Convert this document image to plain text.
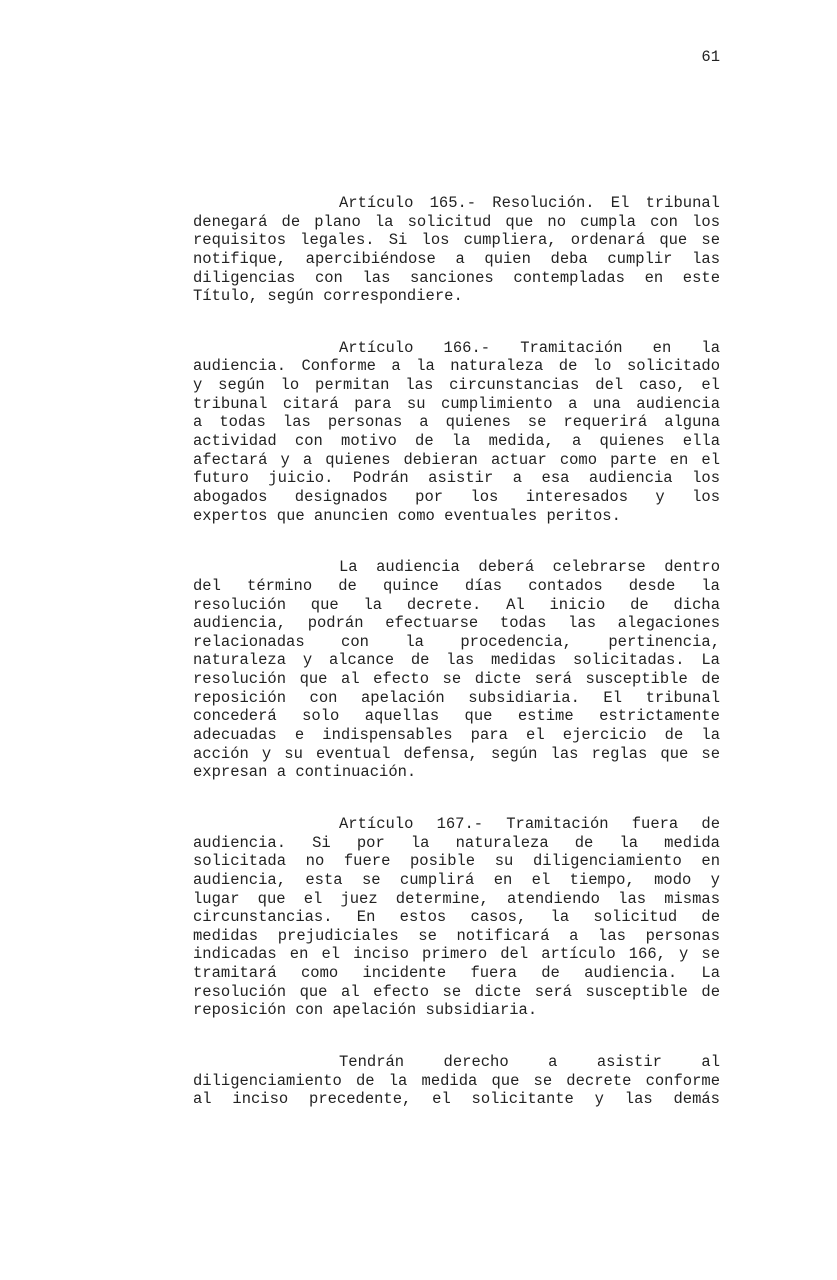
61
Artículo 165.- Resolución. El tribunal
denegará de plano la solicitud que no cumpla con los
requisitos legales. Si los cumpliera, ordenará que se
notifique, apercibiéndose a quien deba cumplir las
diligencias con las sanciones contempladas en este
Título, según correspondiere.
Artículo 166.- Tramitación en la
audiencia. Conforme a la naturaleza de lo solicitado
y según lo permitan las circunstancias del caso, el
tribunal citará para su cumplimiento a una audiencia
a todas las personas a quienes se requerirá alguna
actividad con motivo de la medida, a quienes ella
afectará y a quienes debieran actuar como parte en el
futuro juicio. Podrán asistir a esa audiencia los
abogados designados por los interesados y los
expertos que anuncien como eventuales peritos.
La audiencia deberá celebrarse dentro
del término de quince días contados desde la
resolución que la decrete. Al inicio de dicha
audiencia, podrán efectuarse todas las alegaciones
relacionadas con la procedencia, pertinencia,
naturaleza y alcance de las medidas solicitadas. La
resolución que al efecto se dicte será susceptible de
reposición con apelación subsidiaria. El tribunal
concederá solo aquellas que estime estrictamente
adecuadas e indispensables para el ejercicio de la
acción y su eventual defensa, según las reglas que se
expresan a continuación.
Artículo 167.- Tramitación fuera de
audiencia. Si por la naturaleza de la medida
solicitada no fuere posible su diligenciamiento en
audiencia, esta se cumplirá en el tiempo, modo y
lugar que el juez determine, atendiendo las mismas
circunstancias. En estos casos, la solicitud de
medidas prejudiciales se notificará a las personas
indicadas en el inciso primero del artículo 166, y se
tramitará como incidente fuera de audiencia. La
resolución que al efecto se dicte será susceptible de
reposición con apelación subsidiaria.
Tendrán derecho a asistir al
diligenciamiento de la medida que se decrete conforme
al inciso precedente, el solicitante y las demás
